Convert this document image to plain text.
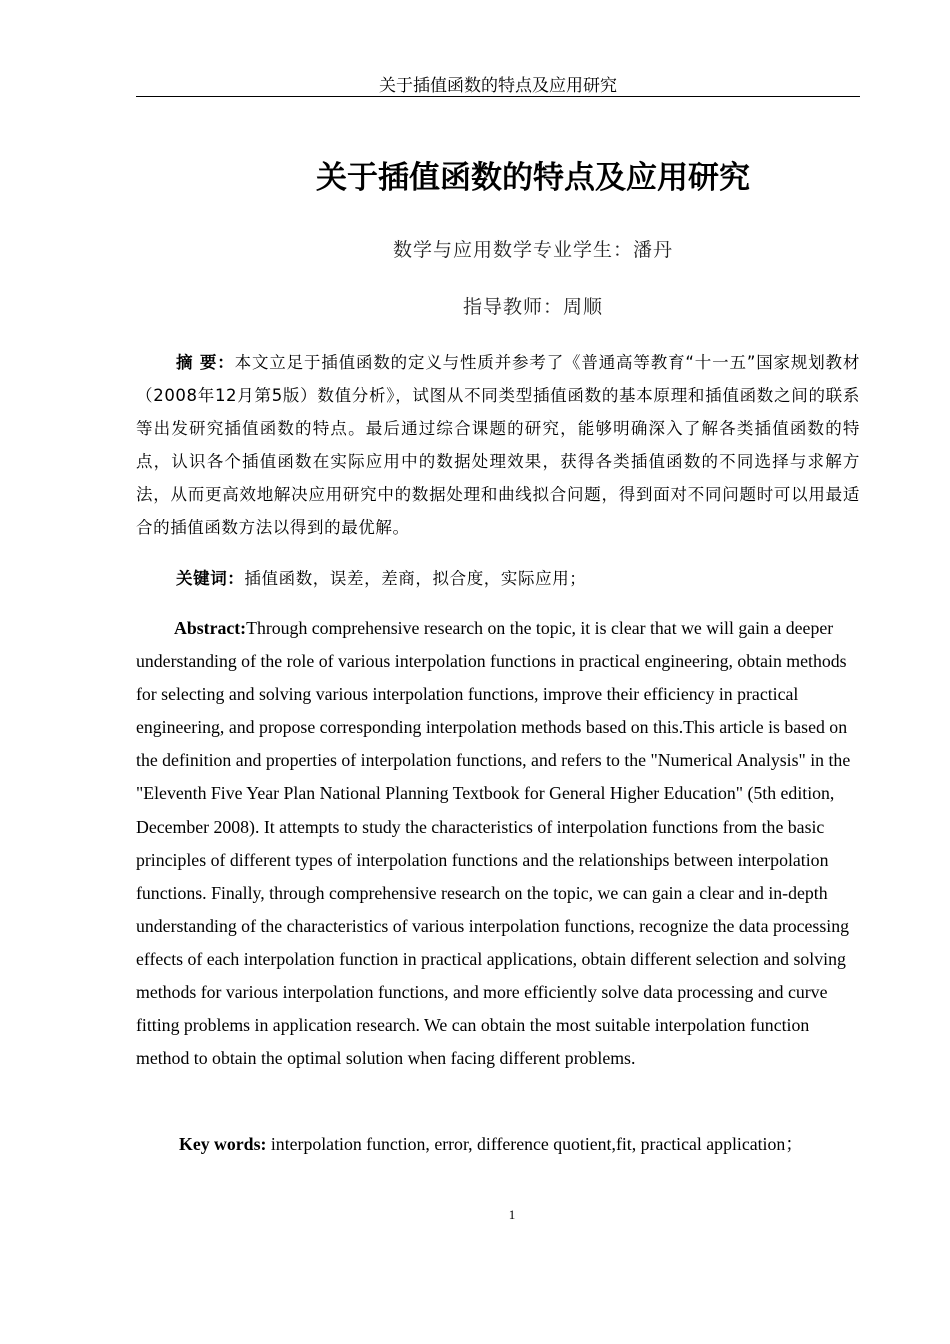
关于插值函数的特点及应用研究
关于插值函数的特点及应用研究
数学与应用数学专业学生：潘丹
指导教师：周顺
摘 要：本文立足于插值函数的定义与性质并参考了《普通高等教育“十一五”国家规划教材（2008年12月第5版）数值分析》，试图从不同类型插值函数的基本原理和插值函数之间的联系等出发研究插值函数的特点。最后通过综合课题的研究，能够明确深入了解各类插值函数的特点，认识各个插值函数在实际应用中的数据处理效果，获得各类插值函数的不同选择与求解方法，从而更高效地解决应用研究中的数据处理和曲线拟合问题，得到面对不同问题时可以用最适合的插值函数方法以得到的最优解。
关键词：插值函数，误差，差商，拟合度，实际应用；
Abstract:Through comprehensive research on the topic, it is clear that we will gain a deeper understanding of the role of various interpolation functions in practical engineering, obtain methods for selecting and solving various interpolation functions, improve their efficiency in practical engineering, and propose corresponding interpolation methods based on this.This article is based on the definition and properties of interpolation functions, and refers to the "Numerical Analysis" in the "Eleventh Five Year Plan National Planning Textbook for General Higher Education" (5th edition, December 2008). It attempts to study the characteristics of interpolation functions from the basic principles of different types of interpolation functions and the relationships between interpolation functions. Finally, through comprehensive research on the topic, we can gain a clear and in-depth understanding of the characteristics of various interpolation functions, recognize the data processing effects of each interpolation function in practical applications, obtain different selection and solving methods for various interpolation functions, and more efficiently solve data processing and curve fitting problems in application research. We can obtain the most suitable interpolation function method to obtain the optimal solution when facing different problems.
Key words: interpolation function, error, difference quotient,fit, practical application；
1
